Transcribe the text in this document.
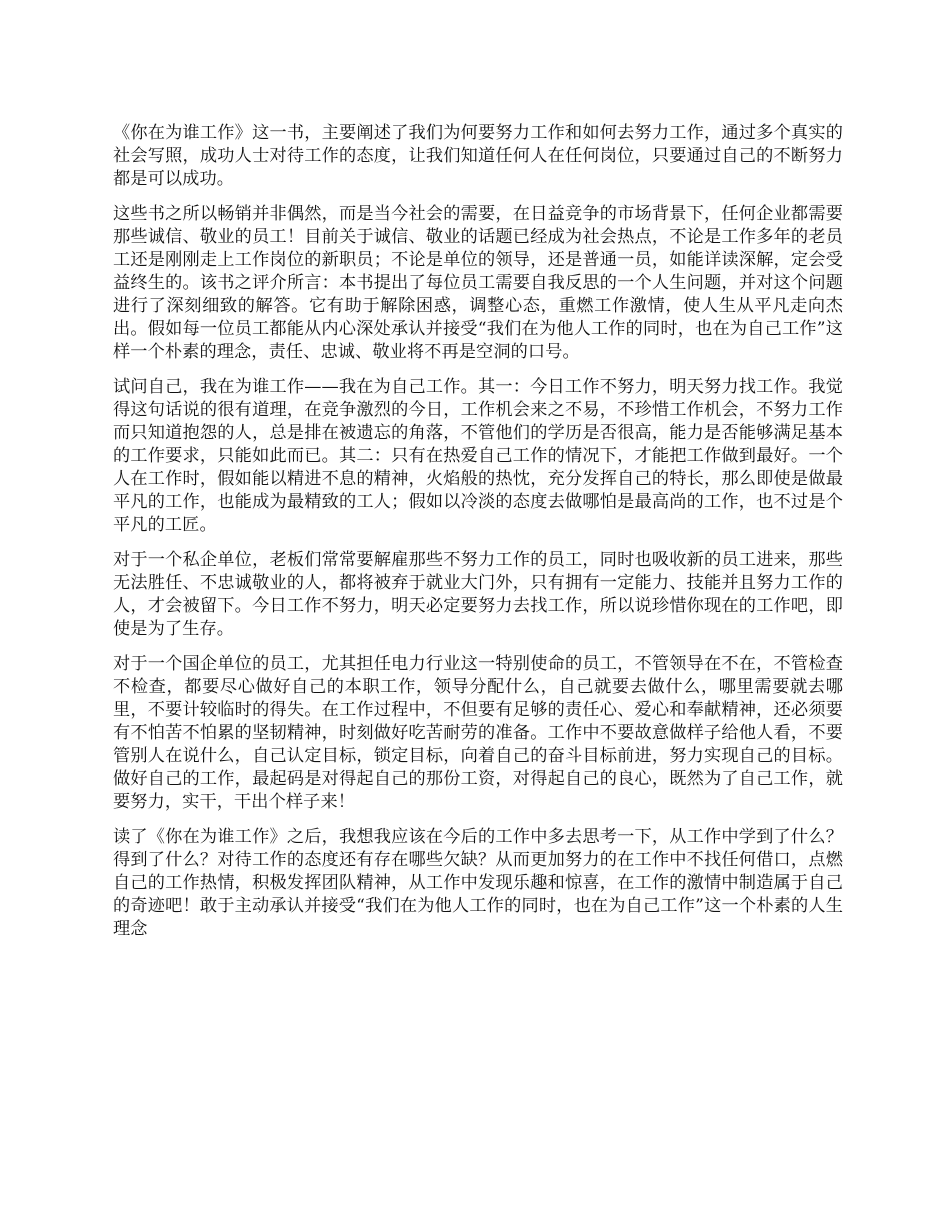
《你在为谁工作》这一书，主要阐述了我们为何要努力工作和如何去努力工作，通过多个真实的社会写照，成功人士对待工作的态度，让我们知道任何人在任何岗位，只要通过自己的不断努力都是可以成功。

这些书之所以畅销并非偶然，而是当今社会的需要，在日益竞争的市场背景下，任何企业都需要那些诚信、敬业的员工！目前关于诚信、敬业的话题已经成为社会热点，不论是工作多年的老员工还是刚刚走上工作岗位的新职员；不论是单位的领导，还是普通一员，如能详读深解，定会受益终生的。该书之评介所言：本书提出了每位员工需要自我反思的一个人生问题，并对这个问题进行了深刻细致的解答。它有助于解除困惑，调整心态，重燃工作激情，使人生从平凡走向杰出。假如每一位员工都能从内心深处承认并接受“我们在为他人工作的同时，也在为自己工作”这样一个朴素的理念，责任、忠诚、敬业将不再是空洞的口号。

试问自己，我在为谁工作——我在为自己工作。其一：今日工作不努力，明天努力找工作。我觉得这句话说的很有道理，在竞争激烈的今日，工作机会来之不易，不珍惜工作机会，不努力工作而只知道抱怨的人，总是排在被遗忘的角落，不管他们的学历是否很高，能力是否能够满足基本的工作要求，只能如此而已。其二：只有在热爱自己工作的情况下，才能把工作做到最好。一个人在工作时，假如能以精进不息的精神，火焰般的热忱，充分发挥自己的特长，那么即使是做最平凡的工作，也能成为最精致的工人；假如以冷淡的态度去做哪怕是最高尚的工作，也不过是个平凡的工匠。

对于一个私企单位，老板们常常要解雇那些不努力工作的员工，同时也吸收新的员工进来，那些无法胜任、不忠诚敬业的人，都将被弃于就业大门外，只有拥有一定能力、技能并且努力工作的人，才会被留下。今日工作不努力，明天必定要努力去找工作，所以说珍惜你现在的工作吧，即使是为了生存。

对于一个国企单位的员工，尤其担任电力行业这一特别使命的员工，不管领导在不在，不管检查不检查，都要尽心做好自己的本职工作，领导分配什么，自己就要去做什么，哪里需要就去哪里，不要计较临时的得失。在工作过程中，不但要有足够的责任心、爱心和奉献精神，还必须要有不怕苦不怕累的坚韧精神，时刻做好吃苦耐劳的准备。工作中不要故意做样子给他人看，不要管别人在说什么，自己认定目标，锁定目标，向着自己的奋斗目标前进，努力实现自己的目标。做好自己的工作，最起码是对得起自己的那份工资，对得起自己的良心，既然为了自己工作，就要努力，实干，干出个样子来！

读了《你在为谁工作》之后，我想我应该在今后的工作中多去思考一下，从工作中学到了什么？得到了什么？对待工作的态度还有存在哪些欠缺？从而更加努力的在工作中不找任何借口，点燃自己的工作热情，积极发挥团队精神，从工作中发现乐趣和惊喜，在工作的激情中制造属于自己的奇迹吧！敢于主动承认并接受“我们在为他人工作的同时，也在为自己工作”这一个朴素的人生理念
